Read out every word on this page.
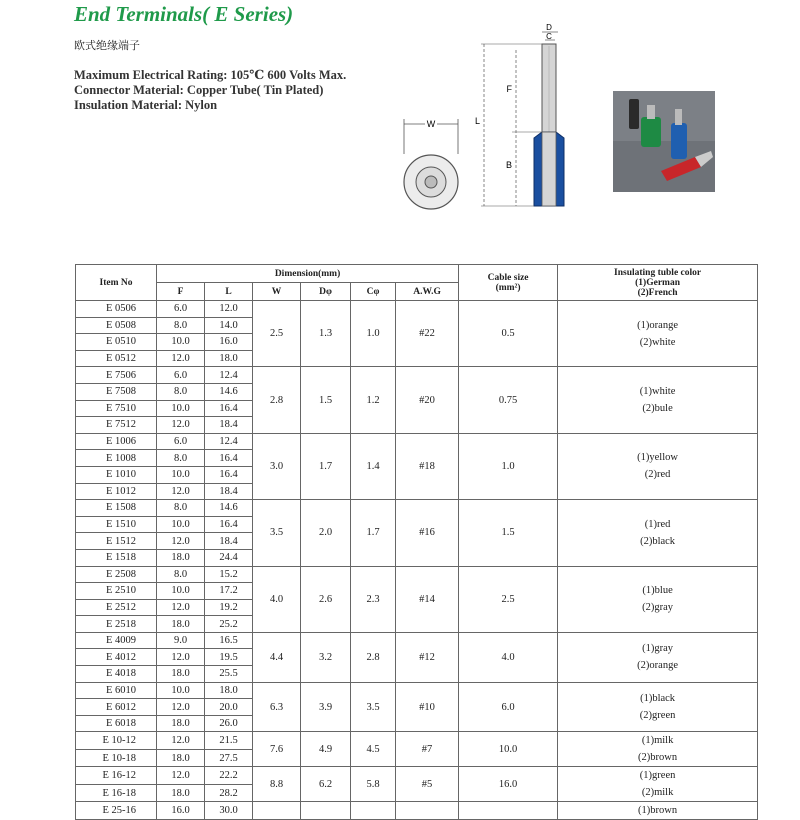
End Terminals( E Series)
欧式绝缘端子
Maximum Electrical Rating: 105℃ 600 Volts Max.
Connector Material: Copper Tube( Tin Plated)
Insulation Material: Nylon
W
D
C
L
F
B
Item No	Dimension(mm)						Cable size
(mm²)	Insulating tuble color
(1)German
(2)French
	F	L	W	Dφ	Cφ	A.W.G		
E 0506	6.0	12.0	2.5	1.3	1.0	#22	0.5	(1)orange
(2)white
E 0508	8.0	14.0						
E 0510	10.0	16.0						
E 0512	12.0	18.0						
E 7506	6.0	12.4	2.8	1.5	1.2	#20	0.75	(1)white
(2)bule
E 7508	8.0	14.6						
E 7510	10.0	16.4						
E 7512	12.0	18.4						
E 1006	6.0	12.4	3.0	1.7	1.4	#18	1.0	(1)yellow
(2)red
E 1008	8.0	16.4						
E 1010	10.0	16.4						
E 1012	12.0	18.4						
E 1508	8.0	14.6	3.5	2.0	1.7	#16	1.5	(1)red
(2)black
E 1510	10.0	16.4						
E 1512	12.0	18.4						
E 1518	18.0	24.4						
E 2508	8.0	15.2	4.0	2.6	2.3	#14	2.5	(1)blue
(2)gray
E 2510	10.0	17.2						
E 2512	12.0	19.2						
E 2518	18.0	25.2						
E 4009	9.0	16.5	4.4	3.2	2.8	#12	4.0	(1)gray
(2)orange
E 4012	12.0	19.5						
E 4018	18.0	25.5						
E 6010	10.0	18.0	6.3	3.9	3.5	#10	6.0	(1)black
(2)green
E 6012	12.0	20.0						
E 6018	18.0	26.0						
E 10-12	12.0	21.5	7.6	4.9	4.5	#7	10.0	(1)milk
(2)brown
E 10-18	18.0	27.5						
E 16-12	12.0	22.2	8.8	6.2	5.8	#5	16.0	(1)green
(2)milk
E 16-18	18.0	28.2						
E 25-16	16.0	30.0						(1)brown
